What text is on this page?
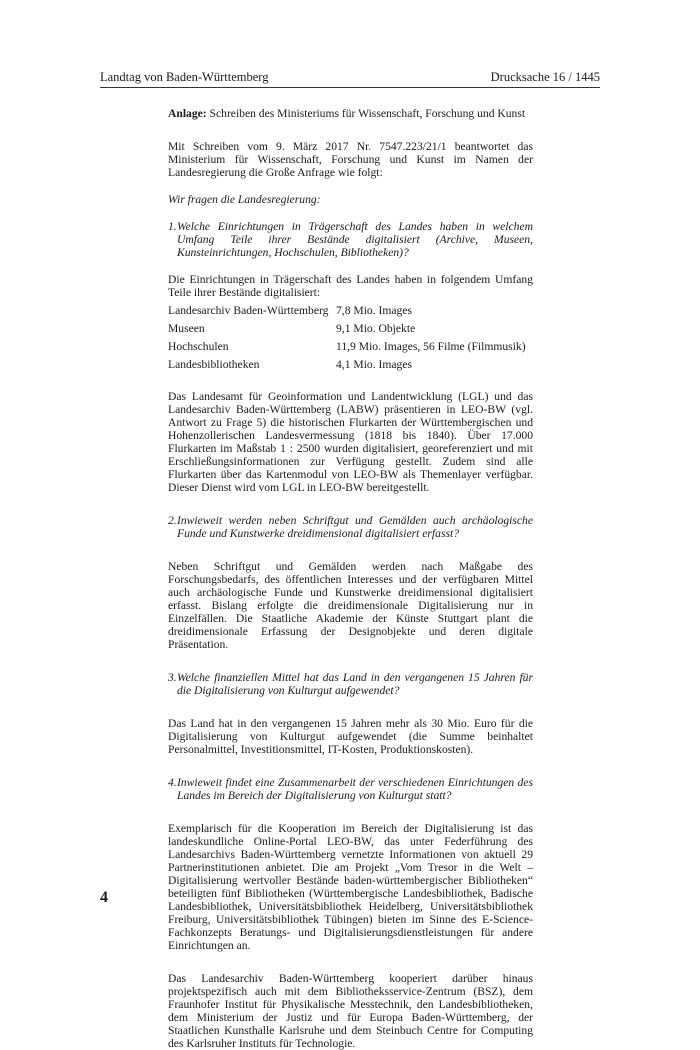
Landtag von Baden-Württemberg	Drucksache 16 / 1445

Anlage: Schreiben des Ministeriums für Wissenschaft, Forschung und Kunst

Mit Schreiben vom 9. März 2017 Nr. 7547.223/21/1 beantwortet das Ministerium für Wissenschaft, Forschung und Kunst im Namen der Landesregierung die Große Anfrage wie folgt:

Wir fragen die Landesregierung:

1. Welche Einrichtungen in Trägerschaft des Landes haben in welchem Umfang Teile ihrer Bestände digitalisiert (Archive, Museen, Kunsteinrichtungen, Hochschulen, Bibliotheken)?

Die Einrichtungen in Trägerschaft des Landes haben in folgendem Umfang Teile ihrer Bestände digitalisiert:

Landesarchiv Baden-Württemberg	7,8 Mio. Images
Museen	9,1 Mio. Objekte
Hochschulen	11,9 Mio. Images, 56 Filme (Filmmusik)
Landesbibliotheken	4,1 Mio. Images

Das Landesamt für Geoinformation und Landentwicklung (LGL) und das Landesarchiv Baden-Württemberg (LABW) präsentieren in LEO-BW (vgl. Antwort zu Frage 5) die historischen Flurkarten der Württembergischen und Hohenzollerischen Landesvermessung (1818 bis 1840). Über 17.000 Flurkarten im Maßstab 1 : 2500 wurden digitalisiert, georeferenziert und mit Erschließungsinformationen zur Verfügung gestellt. Zudem sind alle Flurkarten über das Kartenmodul von LEO-BW als Themenlayer verfügbar. Dieser Dienst wird vom LGL in LEO-BW bereitgestellt.

2. Inwieweit werden neben Schriftgut und Gemälden auch archäologische Funde und Kunstwerke dreidimensional digitalisiert erfasst?

Neben Schriftgut und Gemälden werden nach Maßgabe des Forschungsbedarfs, des öffentlichen Interesses und der verfügbaren Mittel auch archäologische Funde und Kunstwerke dreidimensional digitalisiert erfasst. Bislang erfolgte die dreidimensionale Digitalisierung nur in Einzelfällen. Die Staatliche Akademie der Künste Stuttgart plant die dreidimensionale Erfassung der Designobjekte und deren digitale Präsentation.

3. Welche finanziellen Mittel hat das Land in den vergangenen 15 Jahren für die Digitalisierung von Kulturgut aufgewendet?

Das Land hat in den vergangenen 15 Jahren mehr als 30 Mio. Euro für die Digitalisierung von Kulturgut aufgewendet (die Summe beinhaltet Personalmittel, Investitionsmittel, IT-Kosten, Produktionskosten).

4. Inwieweit findet eine Zusammenarbeit der verschiedenen Einrichtungen des Landes im Bereich der Digitalisierung von Kulturgut statt?

Exemplarisch für die Kooperation im Bereich der Digitalisierung ist das landeskundliche Online-Portal LEO-BW, das unter Federführung des Landesarchivs Baden-Württemberg vernetzte Informationen von aktuell 29 Partnerinstitutionen anbietet. Die am Projekt „Vom Tresor in die Welt – Digitalisierung wertvoller Bestände baden-württembergischer Bibliotheken“ beteiligten fünf Bibliotheken (Württembergische Landesbibliothek, Badische Landesbibliothek, Universitätsbibliothek Heidelberg, Universitätsbibliothek Freiburg, Universitätsbibliothek Tübingen) bieten im Sinne des E-Science-Fachkonzepts Beratungs- und Digitalisierungsdienstleistungen für andere Einrichtungen an.

Das Landesarchiv Baden-Württemberg kooperiert darüber hinaus projektspezifisch auch mit dem Bibliotheksservice-Zentrum (BSZ), dem Fraunhofer Institut für Physikalische Messtechnik, den Landesbibliotheken, dem Ministerium der Justiz und für Europa Baden-Württemberg, der Staatlichen Kunsthalle Karlsruhe und dem Steinbuch Centre for Computing des Karlsruher Instituts für Technologie.

4
